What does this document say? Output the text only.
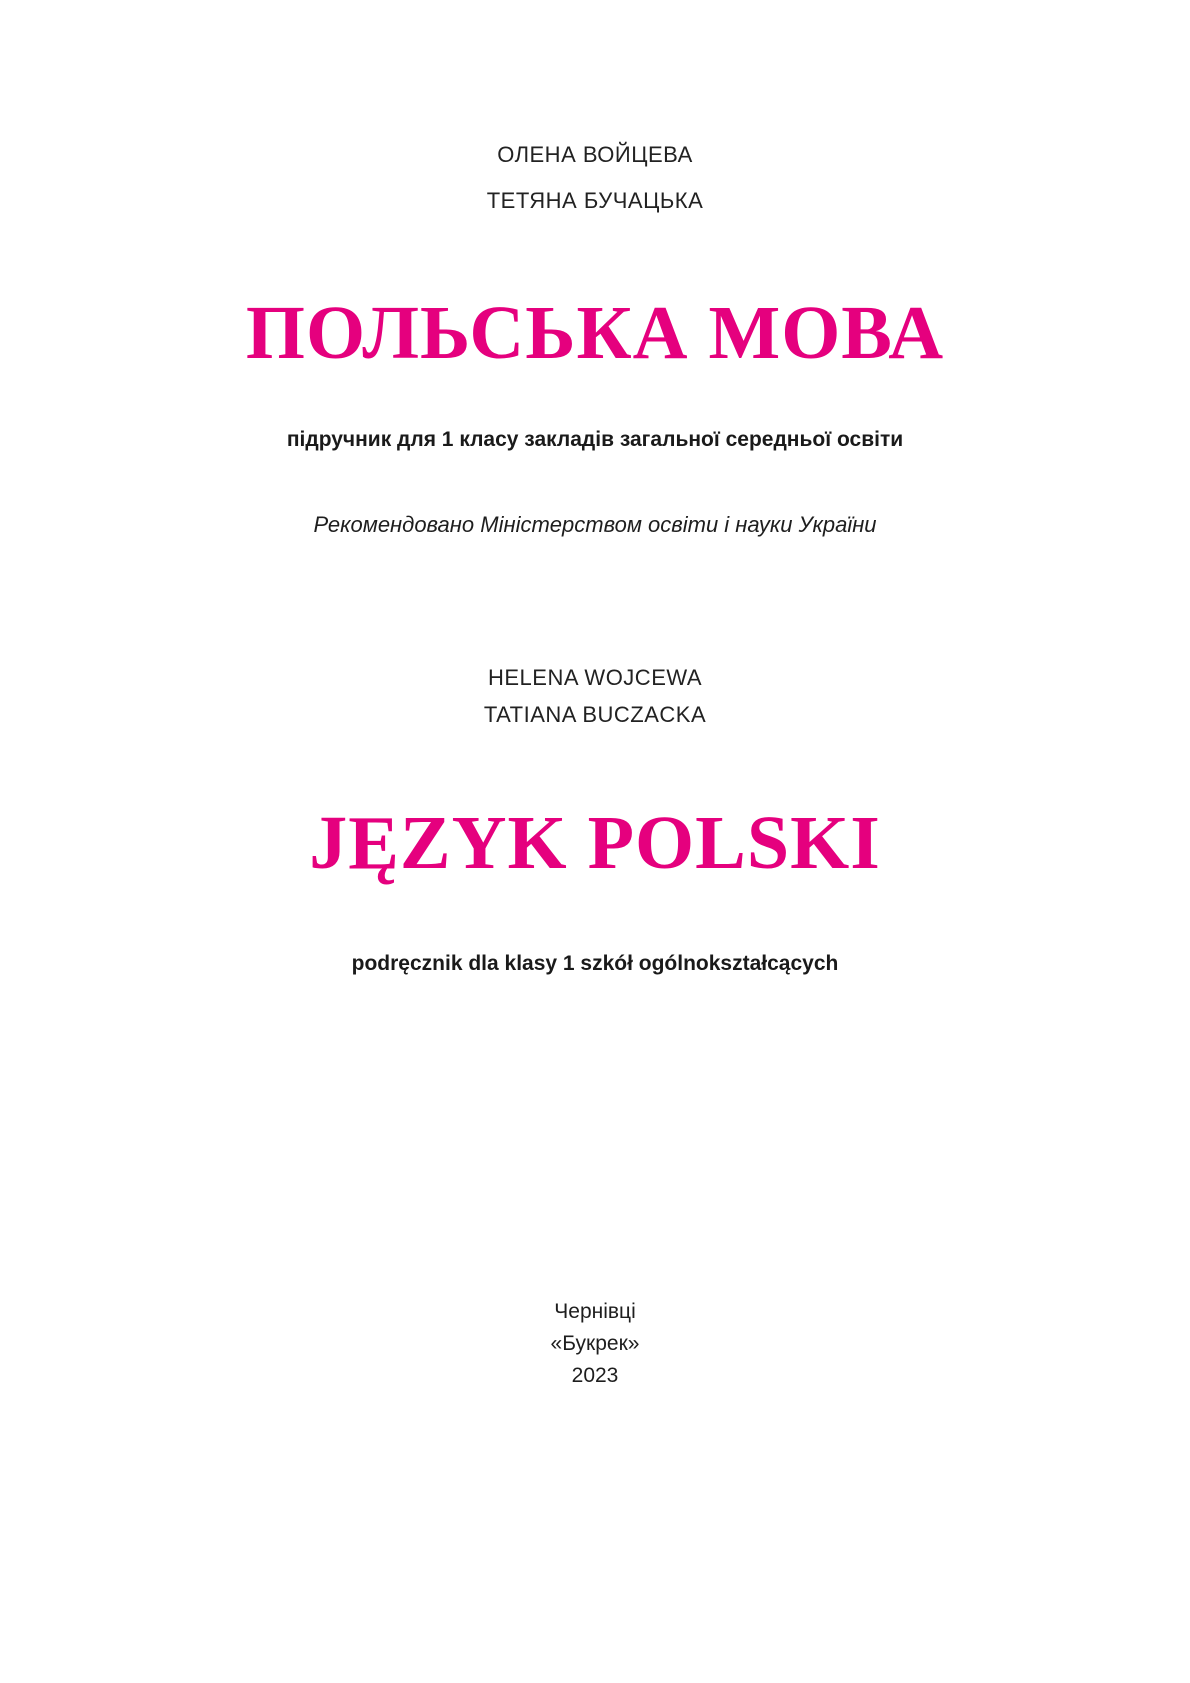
ОЛЕНА ВОЙЦЕВА
ТЕТЯНА БУЧАЦЬКА
ПОЛЬСЬКА МОВА
підручник для 1 класу закладів загальної середньої освіти
Рекомендовано Міністерством освіти і науки України
HELENA WOJCEWA
TATIANA BUCZACKA
JĘZYK POLSKI
podręcznik dla klasy 1 szkół ogólnokształcących
Чернівці
«Букрек»
2023
